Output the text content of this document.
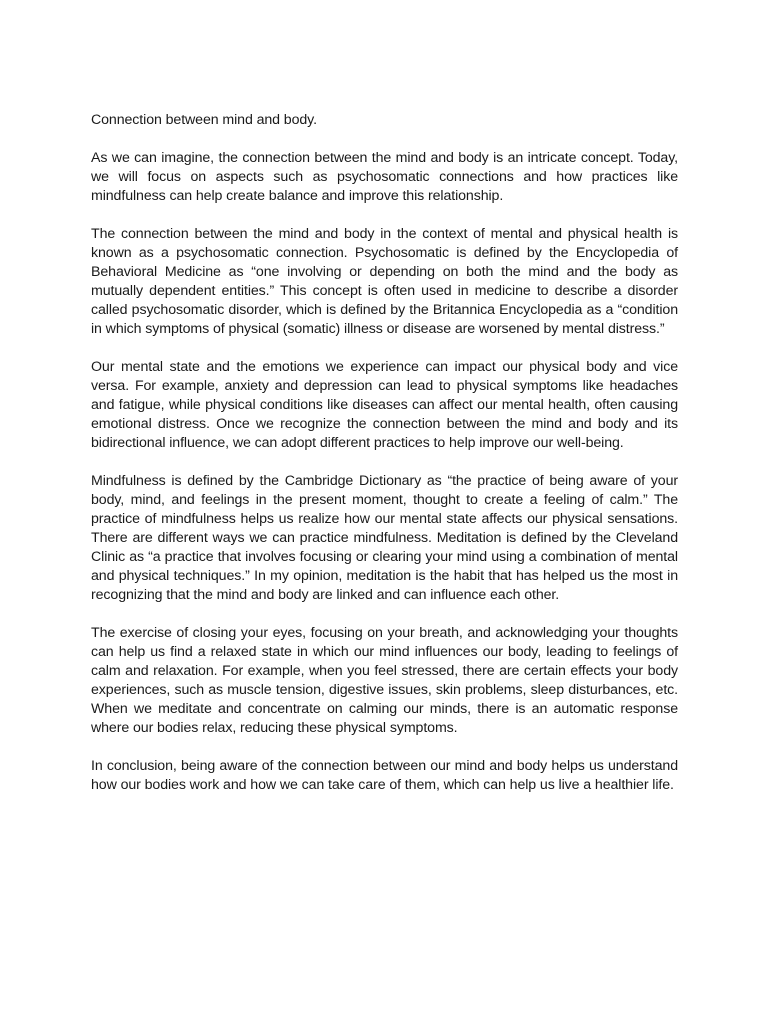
Connection between mind and body.

As we can imagine, the connection between the mind and body is an intricate concept. Today, we will focus on aspects such as psychosomatic connections and how practices like mindfulness can help create balance and improve this relationship.

The connection between the mind and body in the context of mental and physical health is known as a psychosomatic connection. Psychosomatic is defined by the Encyclopedia of Behavioral Medicine as “one involving or depending on both the mind and the body as mutually dependent entities.” This concept is often used in medicine to describe a disorder called psychosomatic disorder, which is defined by the Britannica Encyclopedia as a “condition in which symptoms of physical (somatic) illness or disease are worsened by mental distress.”

Our mental state and the emotions we experience can impact our physical body and vice versa. For example, anxiety and depression can lead to physical symptoms like headaches and fatigue, while physical conditions like diseases can affect our mental health, often causing emotional distress. Once we recognize the connection between the mind and body and its bidirectional influence, we can adopt different practices to help improve our well-being.

Mindfulness is defined by the Cambridge Dictionary as “the practice of being aware of your body, mind, and feelings in the present moment, thought to create a feeling of calm.” The practice of mindfulness helps us realize how our mental state affects our physical sensations. There are different ways we can practice mindfulness. Meditation is defined by the Cleveland Clinic as “a practice that involves focusing or clearing your mind using a combination of mental and physical techniques.” In my opinion, meditation is the habit that has helped us the most in recognizing that the mind and body are linked and can influence each other.

The exercise of closing your eyes, focusing on your breath, and acknowledging your thoughts can help us find a relaxed state in which our mind influences our body, leading to feelings of calm and relaxation. For example, when you feel stressed, there are certain effects your body experiences, such as muscle tension, digestive issues, skin problems, sleep disturbances, etc. When we meditate and concentrate on calming our minds, there is an automatic response where our bodies relax, reducing these physical symptoms.

In conclusion, being aware of the connection between our mind and body helps us understand how our bodies work and how we can take care of them, which can help us live a healthier life.
